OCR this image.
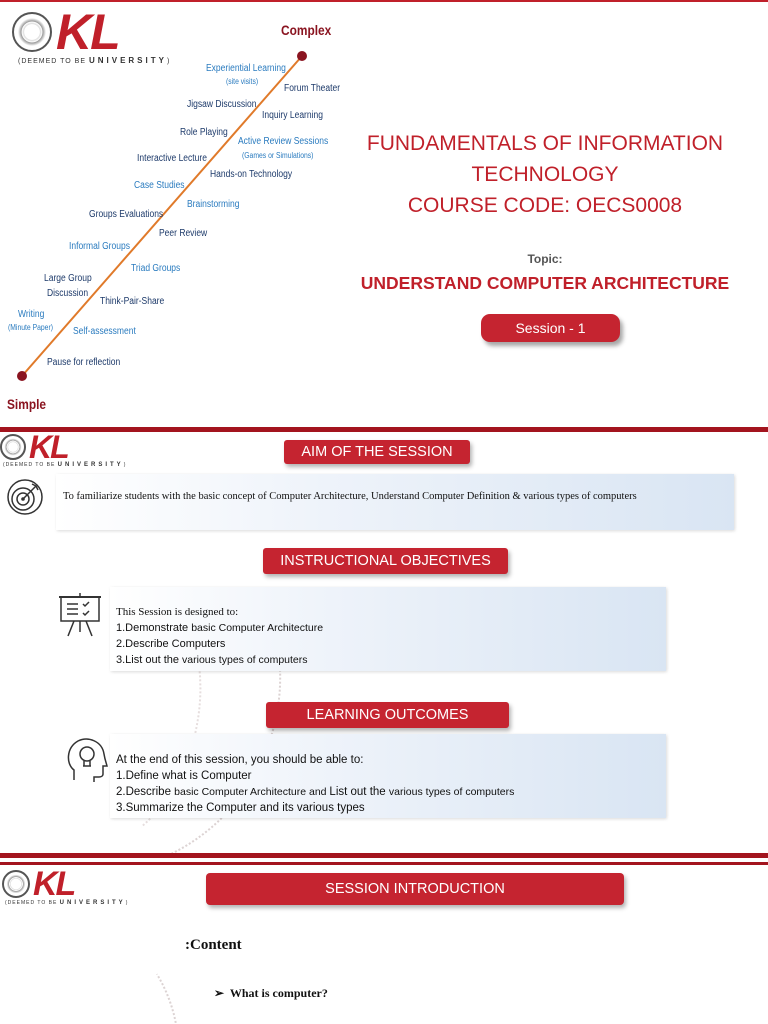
KL
(DEEMED TO BE UNIVERSITY)
Complex
Simple
Experiential Learning
(site visits)
Forum Theater
Jigsaw Discussion
Inquiry Learning
Role Playing
Active Review Sessions
(Games or Simulations)
Interactive Lecture
Hands-on Technology
Case Studies
Brainstorming
Groups Evaluations
Peer Review
Informal Groups
Triad Groups
Large Group
Discussion
Think-Pair-Share
Writing
(Minute Paper) Self-assessment
Pause for reflection
FUNDAMENTALS OF INFORMATION
TECHNOLOGY
COURSE CODE: OECS0008
Topic:
UNDERSTAND COMPUTER ARCHITECTURE
Session - 1
KL
(DEEMED TO BE UNIVERSITY)
AIM OF THE SESSION
To familiarize students with the basic concept of Computer Architecture, Understand Computer Definition & various types of computers
INSTRUCTIONAL OBJECTIVES
This Session is designed to:
1.Demonstrate basic Computer Architecture
2.Describe Computers
3.List out the various types of computers
LEARNING OUTCOMES
At the end of this session, you should be able to:
1.Define what is Computer
2.Describe basic Computer Architecture and List out the various types of computers
3.Summarize the Computer and its various types
KL
(DEEMED TO BE UNIVERSITY)
SESSION INTRODUCTION
:Content
➢ What is computer?
